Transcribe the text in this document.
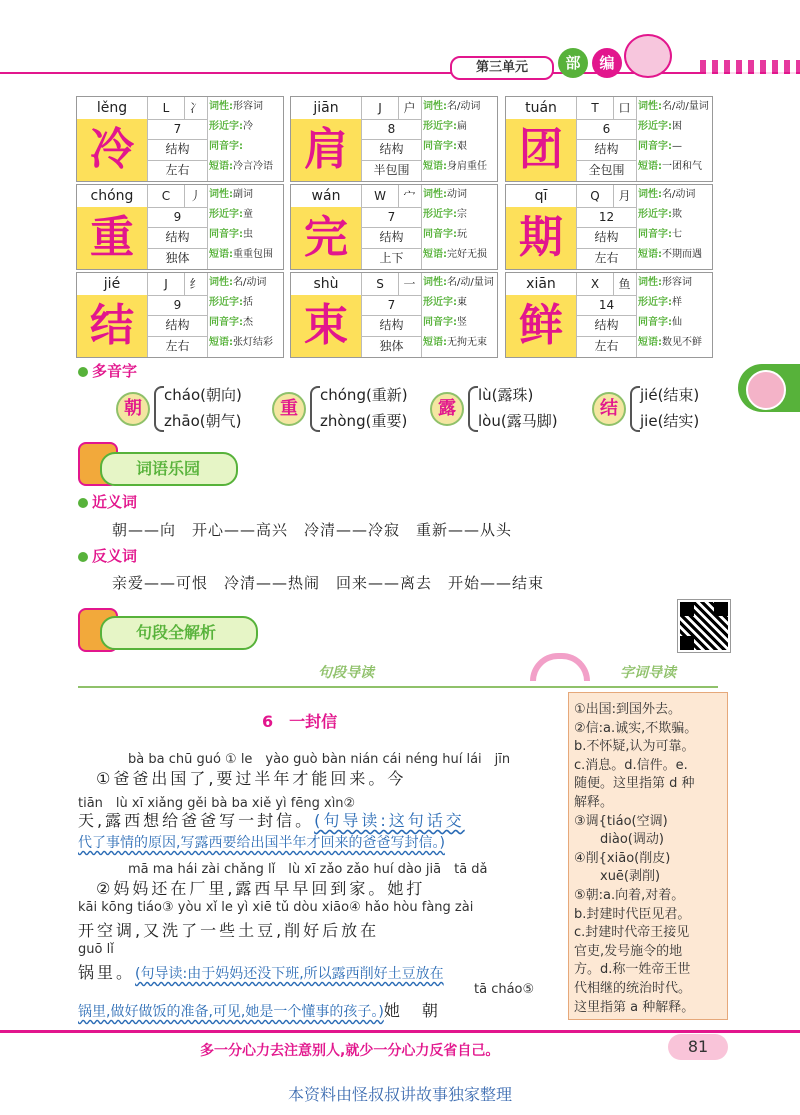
第三单元	部	编
lěng
冷
L	冫
7
结构
左右
词性:形容词
形近字:冷
同音字:
短语:冷言冷语
jiān
肩
J	户
8
结构
半包围
词性:名/动词
形近字:扁
同音字:艰
短语:身肩重任
tuán
团
T	口
6
结构
全包围
词性:名/动/量词
形近字:困
同音字:—
短语:一团和气
chóng
重
C	丿
9
结构
独体
词性:副词
形近字:童
同音字:虫
短语:重重包围
wán
完
W	宀
7
结构
上下
词性:动词
形近字:宗
同音字:玩
短语:完好无损
qī
期
Q	月
12
结构
左右
词性:名/动词
形近字:欺
同音字:七
短语:不期而遇
jié
结
J	纟
9
结构
左右
词性:名/动词
形近字:括
同音字:杰
短语:张灯结彩
shù
束
S	一
7
结构
独体
词性:名/动/量词
形近字:東
同音字:竖
短语:无拘无束
xiān
鲜
X	鱼
14
结构
左右
词性:形容词
形近字:样
同音字:仙
短语:数见不鲜
多音字
朝
cháo(朝向)
zhāo(朝气)
重
chóng(重新)
zhòng(重要)
露
lù(露珠)
lòu(露马脚)
结
jié(结束)
jie(结实)
词语乐园
近义词
朝——向　开心——高兴　冷清——冷寂　重新——从头
反义词
亲爱——可恨　冷清——热闹　回来——离去　开始——结束
句段全解析
句段导读	字词导读
6　一封信
bà ba chū guó ① le　yào guò bàn nián cái néng huí lái　jīn
①爸爸出国了,要过半年才能回来。今
tiān　lù xī xiǎng gěi bà ba xiě yì fēng xìn②
天,露西想给爸爸写一封信。(句导读:这句话交
代了事情的原因,写露西要给出国半年才回来的爸爸写封信。)
mā ma hái zài chǎng lǐ　lù xī zǎo zǎo huí dào jiā　tā dǎ
②妈妈还在厂里,露西早早回到家。她打
kāi kōng tiáo③ yòu xǐ le yì xiē tǔ dòu xiāo④ hǎo hòu fàng zài
开空调,又洗了一些土豆,削好后放在
guō lǐ
锅里。(句导读:由于妈妈还没下班,所以露西削好土豆放在
tā cháo⑤
锅里,做好做饭的准备,可见,她是一个懂事的孩子。)她　朝
①出国:到国外去。
②信:a.诚实,不欺骗。
b.不怀疑,认为可靠。
c.消息。d.信件。e.
随便。这里指第 d 种
解释。
③调{tiáo(空调)
　　diào(调动)
④削{xiāo(削皮)
　　xuē(剥削)
⑤朝:a.向着,对着。
b.封建时代臣见君。
c.封建时代帝王接见
官吏,发号施令的地
方。d.称一姓帝王世
代相继的统治时代。
这里指第 a 种解释。
多一分心力去注意别人,就少一分心力反省自己。	81
本资料由怪叔叔讲故事独家整理
